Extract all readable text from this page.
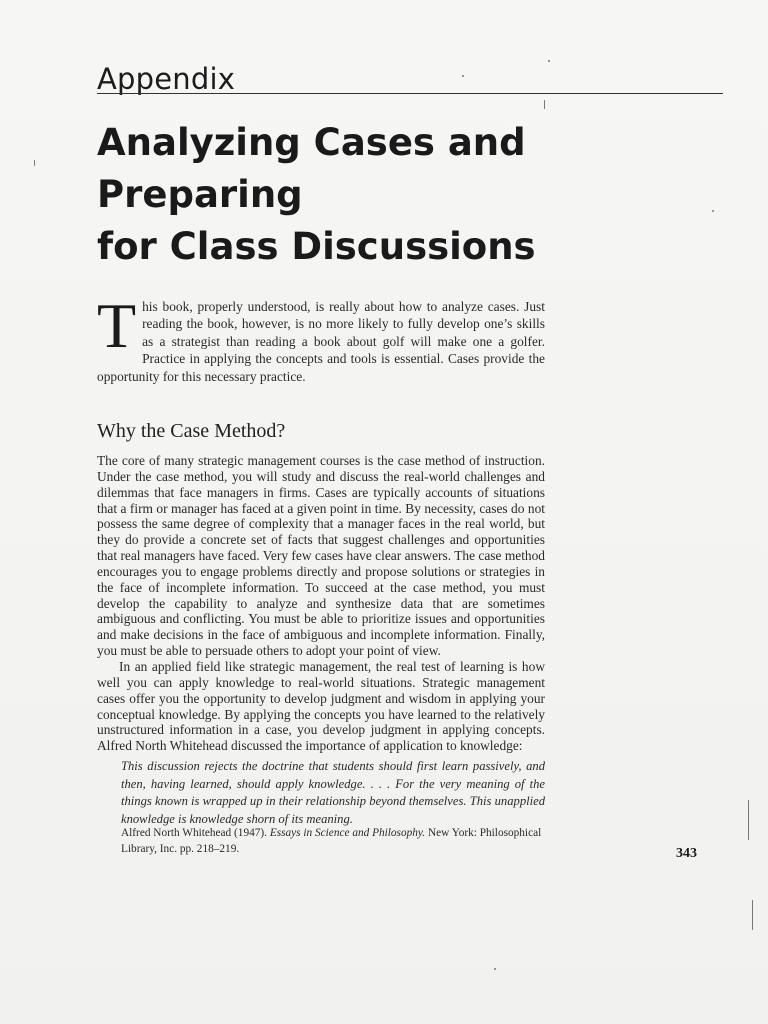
Appendix
Analyzing Cases and
Preparing
for Class Discussions
T his book, properly understood, is really about how to analyze cases. Just reading the book, however, is no more likely to fully develop one’s skills as a strategist than reading a book about golf will make one a golfer. Practice in applying the concepts and tools is essential. Cases provide the opportunity for this necessary practice.

Why the Case Method?

The core of many strategic management courses is the case method of instruction. Under the case method, you will study and discuss the real-world challenges and dilemmas that face managers in firms. Cases are typically accounts of situations that a firm or manager has faced at a given point in time. By necessity, cases do not possess the same degree of complexity that a manager faces in the real world, but they do provide a concrete set of facts that suggest challenges and opportunities that real managers have faced. Very few cases have clear answers. The case method encourages you to engage problems directly and propose solutions or strategies in the face of incomplete information. To succeed at the case method, you must develop the capability to analyze and synthesize data that are sometimes ambiguous and conflicting. You must be able to prioritize issues and opportunities and make decisions in the face of ambiguous and incomplete information. Finally, you must be able to persuade others to adopt your point of view.

In an applied field like strategic management, the real test of learning is how well you can apply knowledge to real-world situations. Strategic management cases offer you the opportunity to develop judgment and wisdom in applying your conceptual knowledge. By applying the concepts you have learned to the relatively unstructured information in a case, you develop judgment in applying concepts. Alfred North Whitehead discussed the importance of application to knowledge:

This discussion rejects the doctrine that students should first learn passively, and then, having learned, should apply knowledge. . . . For the very meaning of the things known is wrapped up in their relationship beyond themselves. This unapplied knowledge is knowledge shorn of its meaning.

Alfred North Whitehead (1947). Essays in Science and Philosophy. New York: Philosophical Library, Inc. pp. 218–219.	343
